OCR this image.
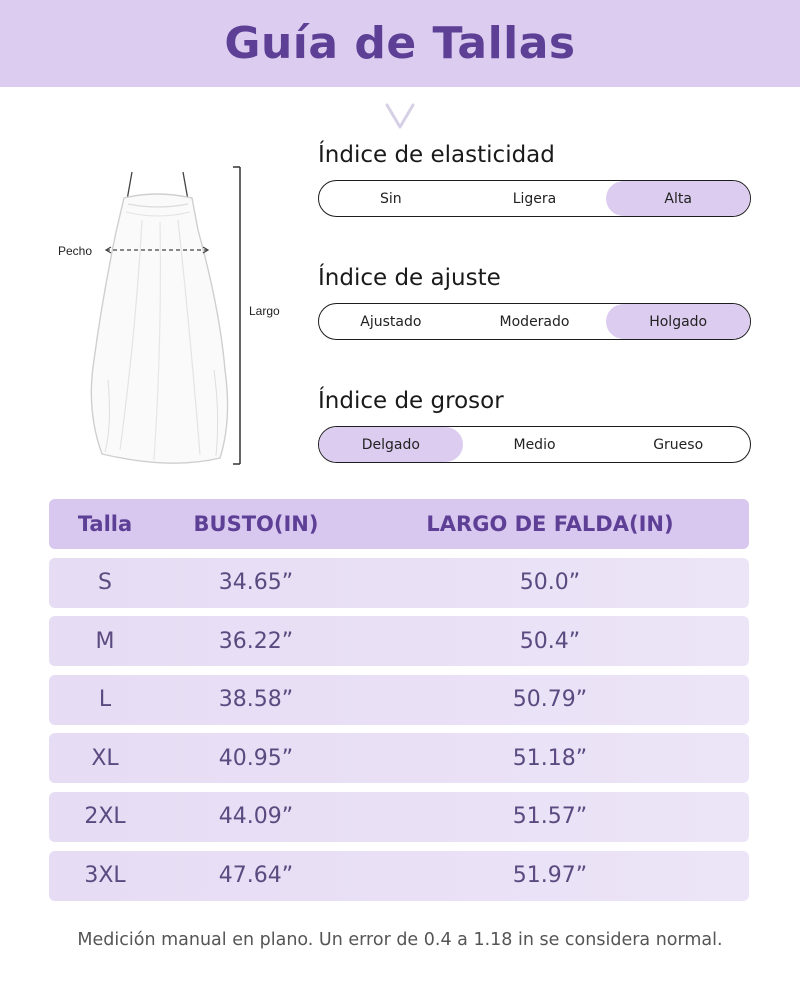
Guía de Tallas
Pecho
Largo
Índice de elasticidad
Sin	Ligera	Alta
Índice de ajuste
Ajustado	Moderado	Holgado
Índice de grosor
Delgado	Medio	Grueso
Talla	BUSTO(IN)	LARGO DE FALDA(IN)
S	34.65”	50.0”
M	36.22”	50.4”
L	38.58”	50.79”
XL	40.95”	51.18”
2XL	44.09”	51.57”
3XL	47.64”	51.97”
Medición manual en plano. Un error de 0.4 a 1.18 in se considera normal.
